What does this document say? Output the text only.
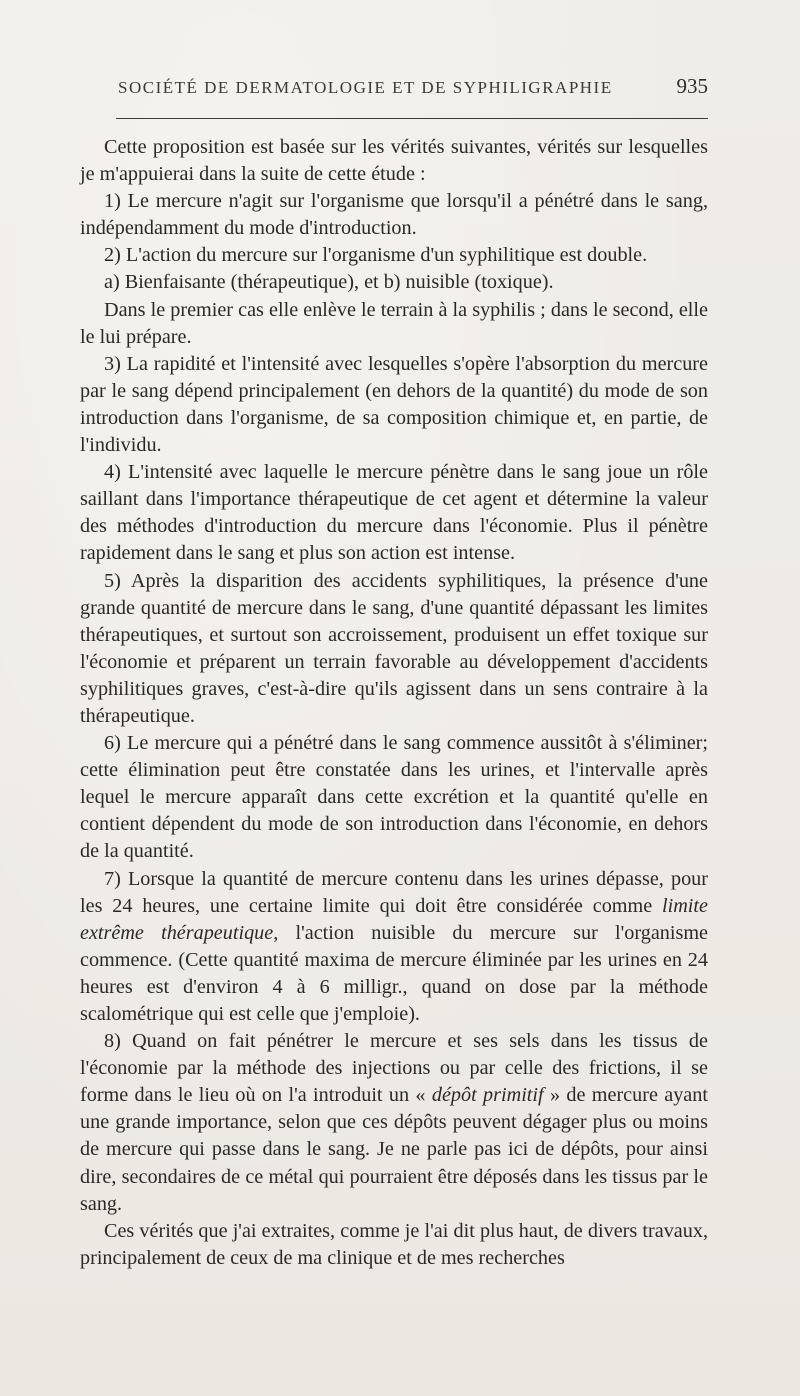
SOCIÉTÉ DE DERMATOLOGIE ET DE SYPHILIGRAPHIE	935

Cette proposition est basée sur les vérités suivantes, vérités sur lesquelles je m'appuierai dans la suite de cette étude :

1) Le mercure n'agit sur l'organisme que lorsqu'il a pénétré dans le sang, indépendamment du mode d'introduction.

2) L'action du mercure sur l'organisme d'un syphilitique est double.

a) Bienfaisante (thérapeutique), et b) nuisible (toxique).

Dans le premier cas elle enlève le terrain à la syphilis ; dans le second, elle le lui prépare.

3) La rapidité et l'intensité avec lesquelles s'opère l'absorption du mercure par le sang dépend principalement (en dehors de la quantité) du mode de son introduction dans l'organisme, de sa composition chimique et, en partie, de l'individu.

4) L'intensité avec laquelle le mercure pénètre dans le sang joue un rôle saillant dans l'importance thérapeutique de cet agent et détermine la valeur des méthodes d'introduction du mercure dans l'économie. Plus il pénètre rapidement dans le sang et plus son action est intense.

5) Après la disparition des accidents syphilitiques, la présence d'une grande quantité de mercure dans le sang, d'une quantité dépassant les limites thérapeutiques, et surtout son accroissement, produisent un effet toxique sur l'économie et préparent un terrain favorable au développement d'accidents syphilitiques graves, c'est-à-dire qu'ils agissent dans un sens contraire à la thérapeutique.

6) Le mercure qui a pénétré dans le sang commence aussitôt à s'éliminer; cette élimination peut être constatée dans les urines, et l'intervalle après lequel le mercure apparaît dans cette excrétion et la quantité qu'elle en contient dépendent du mode de son introduction dans l'économie, en dehors de la quantité.

7) Lorsque la quantité de mercure contenu dans les urines dépasse, pour les 24 heures, une certaine limite qui doit être considérée comme limite extrême thérapeutique, l'action nuisible du mercure sur l'organisme commence. (Cette quantité maxima de mercure éliminée par les urines en 24 heures est d'environ 4 à 6 milligr., quand on dose par la méthode scalométrique qui est celle que j'emploie).

8) Quand on fait pénétrer le mercure et ses sels dans les tissus de l'économie par la méthode des injections ou par celle des frictions, il se forme dans le lieu où on l'a introduit un « dépôt primitif » de mercure ayant une grande importance, selon que ces dépôts peuvent dégager plus ou moins de mercure qui passe dans le sang. Je ne parle pas ici de dépôts, pour ainsi dire, secondaires de ce métal qui pourraient être déposés dans les tissus par le sang.

Ces vérités que j'ai extraites, comme je l'ai dit plus haut, de divers travaux, principalement de ceux de ma clinique et de mes recherches
